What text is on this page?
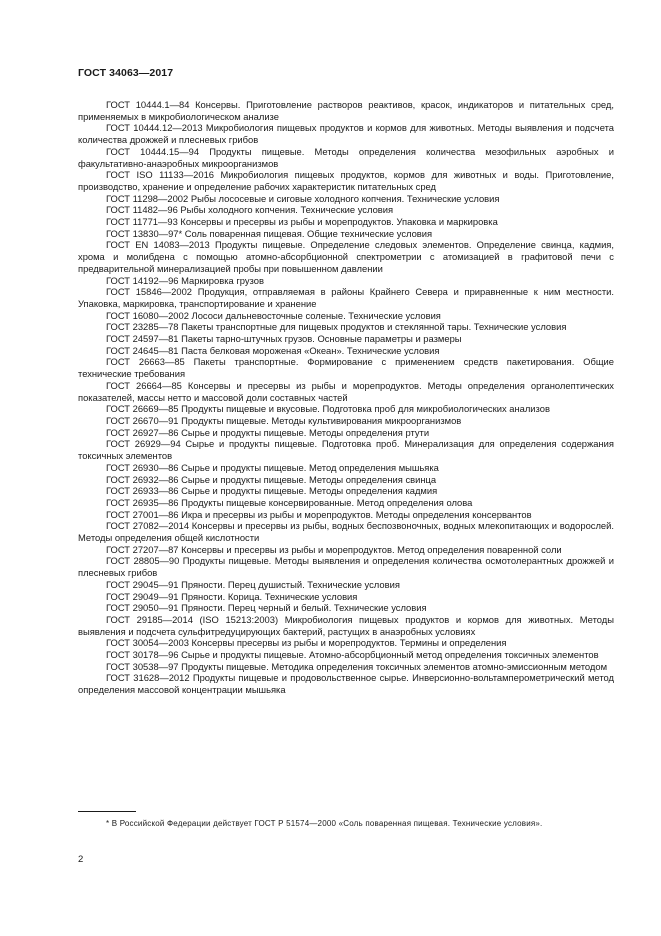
ГОСТ 34063—2017

ГОСТ 10444.1—84 Консервы. Приготовление растворов реактивов, красок, индикаторов и питательных сред, применяемых в микробиологическом анализе

ГОСТ 10444.12—2013 Микробиология пищевых продуктов и кормов для животных. Методы выявления и подсчета количества дрожжей и плесневых грибов

ГОСТ 10444.15—94 Продукты пищевые. Методы определения количества мезофильных аэробных и факультативно-анаэробных микроорганизмов

ГОСТ ISO 11133—2016 Микробиология пищевых продуктов, кормов для животных и воды. Приготовление, производство, хранение и определение рабочих характеристик питательных сред

ГОСТ 11298—2002 Рыбы лососевые и сиговые холодного копчения. Технические условия

ГОСТ 11482—96 Рыбы холодного копчения. Технические условия

ГОСТ 11771—93 Консервы и пресервы из рыбы и морепродуктов. Упаковка и маркировка

ГОСТ 13830—97* Соль поваренная пищевая. Общие технические условия

ГОСТ EN 14083—2013 Продукты пищевые. Определение следовых элементов. Определение свинца, кадмия, хрома и молибдена с помощью атомно-абсорбционной спектрометрии с атомизацией в графитовой печи с предварительной минерализацией пробы при повышенном давлении

ГОСТ 14192—96 Маркировка грузов

ГОСТ 15846—2002 Продукция, отправляемая в районы Крайнего Севера и приравненные к ним местности. Упаковка, маркировка, транспортирование и хранение

ГОСТ 16080—2002 Лососи дальневосточные соленые. Технические условия

ГОСТ 23285—78 Пакеты транспортные для пищевых продуктов и стеклянной тары. Технические условия

ГОСТ 24597—81 Пакеты тарно-штучных грузов. Основные параметры и размеры

ГОСТ 24645—81 Паста белковая мороженая «Океан». Технические условия

ГОСТ 26663—85 Пакеты транспортные. Формирование с применением средств пакетирования. Общие технические требования

ГОСТ 26664—85 Консервы и пресервы из рыбы и морепродуктов. Методы определения органолептических показателей, массы нетто и массовой доли составных частей

ГОСТ 26669—85 Продукты пищевые и вкусовые. Подготовка проб для микробиологических анализов

ГОСТ 26670—91 Продукты пищевые. Методы культивирования микроорганизмов

ГОСТ 26927—86 Сырье и продукты пищевые. Методы определения ртути

ГОСТ 26929—94 Сырье и продукты пищевые. Подготовка проб. Минерализация для определения содержания токсичных элементов

ГОСТ 26930—86 Сырье и продукты пищевые. Метод определения мышьяка

ГОСТ 26932—86 Сырье и продукты пищевые. Методы определения свинца

ГОСТ 26933—86 Сырье и продукты пищевые. Методы определения кадмия

ГОСТ 26935—86 Продукты пищевые консервированные. Метод определения олова

ГОСТ 27001—86 Икра и пресервы из рыбы и морепродуктов. Методы определения консервантов

ГОСТ 27082—2014 Консервы и пресервы из рыбы, водных беспозвоночных, водных млекопитающих и водорослей. Методы определения общей кислотности

ГОСТ 27207—87 Консервы и пресервы из рыбы и морепродуктов. Метод определения поваренной соли

ГОСТ 28805—90 Продукты пищевые. Методы выявления и определения количества осмотолерантных дрожжей и плесневых грибов

ГОСТ 29045—91 Пряности. Перец душистый. Технические условия

ГОСТ 29049—91 Пряности. Корица. Технические условия

ГОСТ 29050—91 Пряности. Перец черный и белый. Технические условия

ГОСТ 29185—2014 (ISO 15213:2003) Микробиология пищевых продуктов и кормов для животных. Методы выявления и подсчета сульфитредуцирующих бактерий, растущих в анаэробных условиях

ГОСТ 30054—2003 Консервы пресервы из рыбы и морепродуктов. Термины и определения

ГОСТ 30178—96 Сырье и продукты пищевые. Атомно-абсорбционный метод определения токсичных элементов

ГОСТ 30538—97 Продукты пищевые. Методика определения токсичных элементов атомно-эмиссионным методом

ГОСТ 31628—2012 Продукты пищевые и продовольственное сырье. Инверсионно-вольтамперометрический метод определения массовой концентрации мышьяка

* В Российской Федерации действует ГОСТ Р 51574—2000 «Соль поваренная пищевая. Технические условия».
2
